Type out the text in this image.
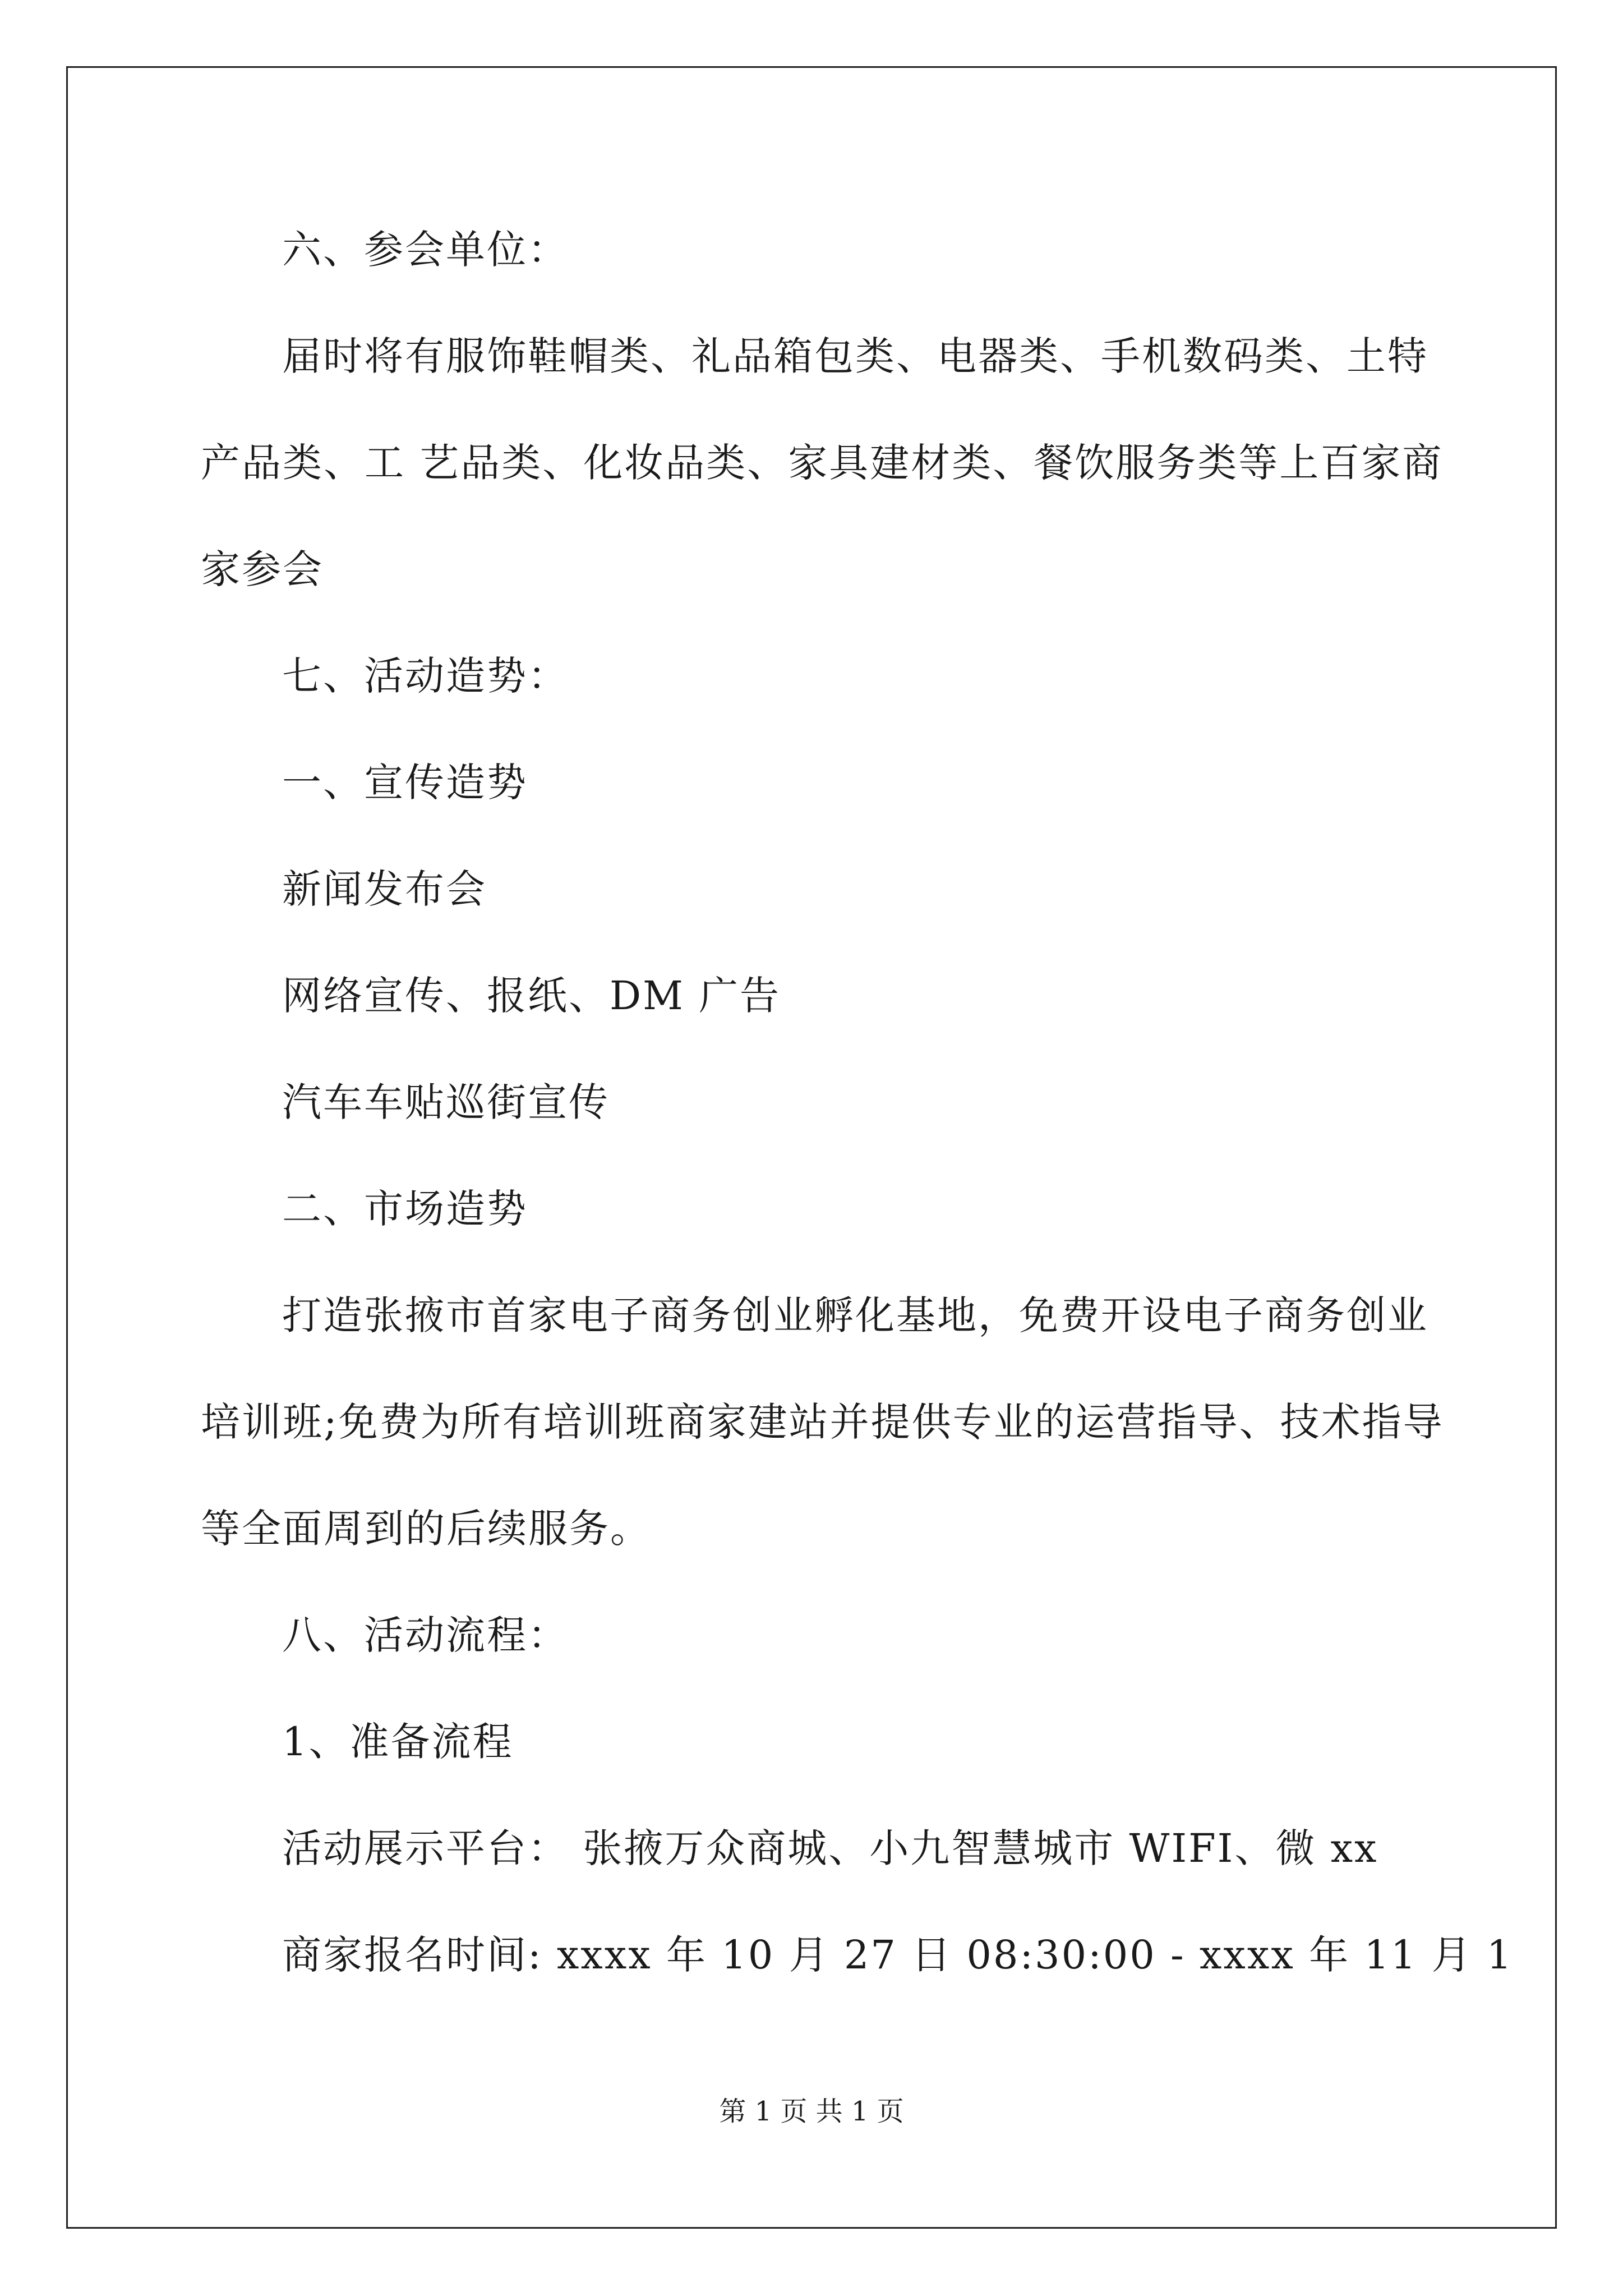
六、参会单位：
届时将有服饰鞋帽类、礼品箱包类、电器类、手机数码类、土特
产品类、工 艺品类、化妆品类、家具建材类、餐饮服务类等上百家商
家参会
七、活动造势：
一、宣传造势
新闻发布会
网络宣传、报纸、DM 广告
汽车车贴巡街宣传
二、市场造势
打造张掖市首家电子商务创业孵化基地，免费开设电子商务创业
培训班;免费为所有培训班商家建站并提供专业的运营指导、技术指导
等全面周到的后续服务。
八、活动流程：
1、准备流程
活动展示平台： 张掖万众商城、小九智慧城市 WIFI、微 xx
商家报名时间: xxxx 年 10 月 27 日 08:30:00 - xxxx 年 11 月 1
第 1 页 共 1 页
